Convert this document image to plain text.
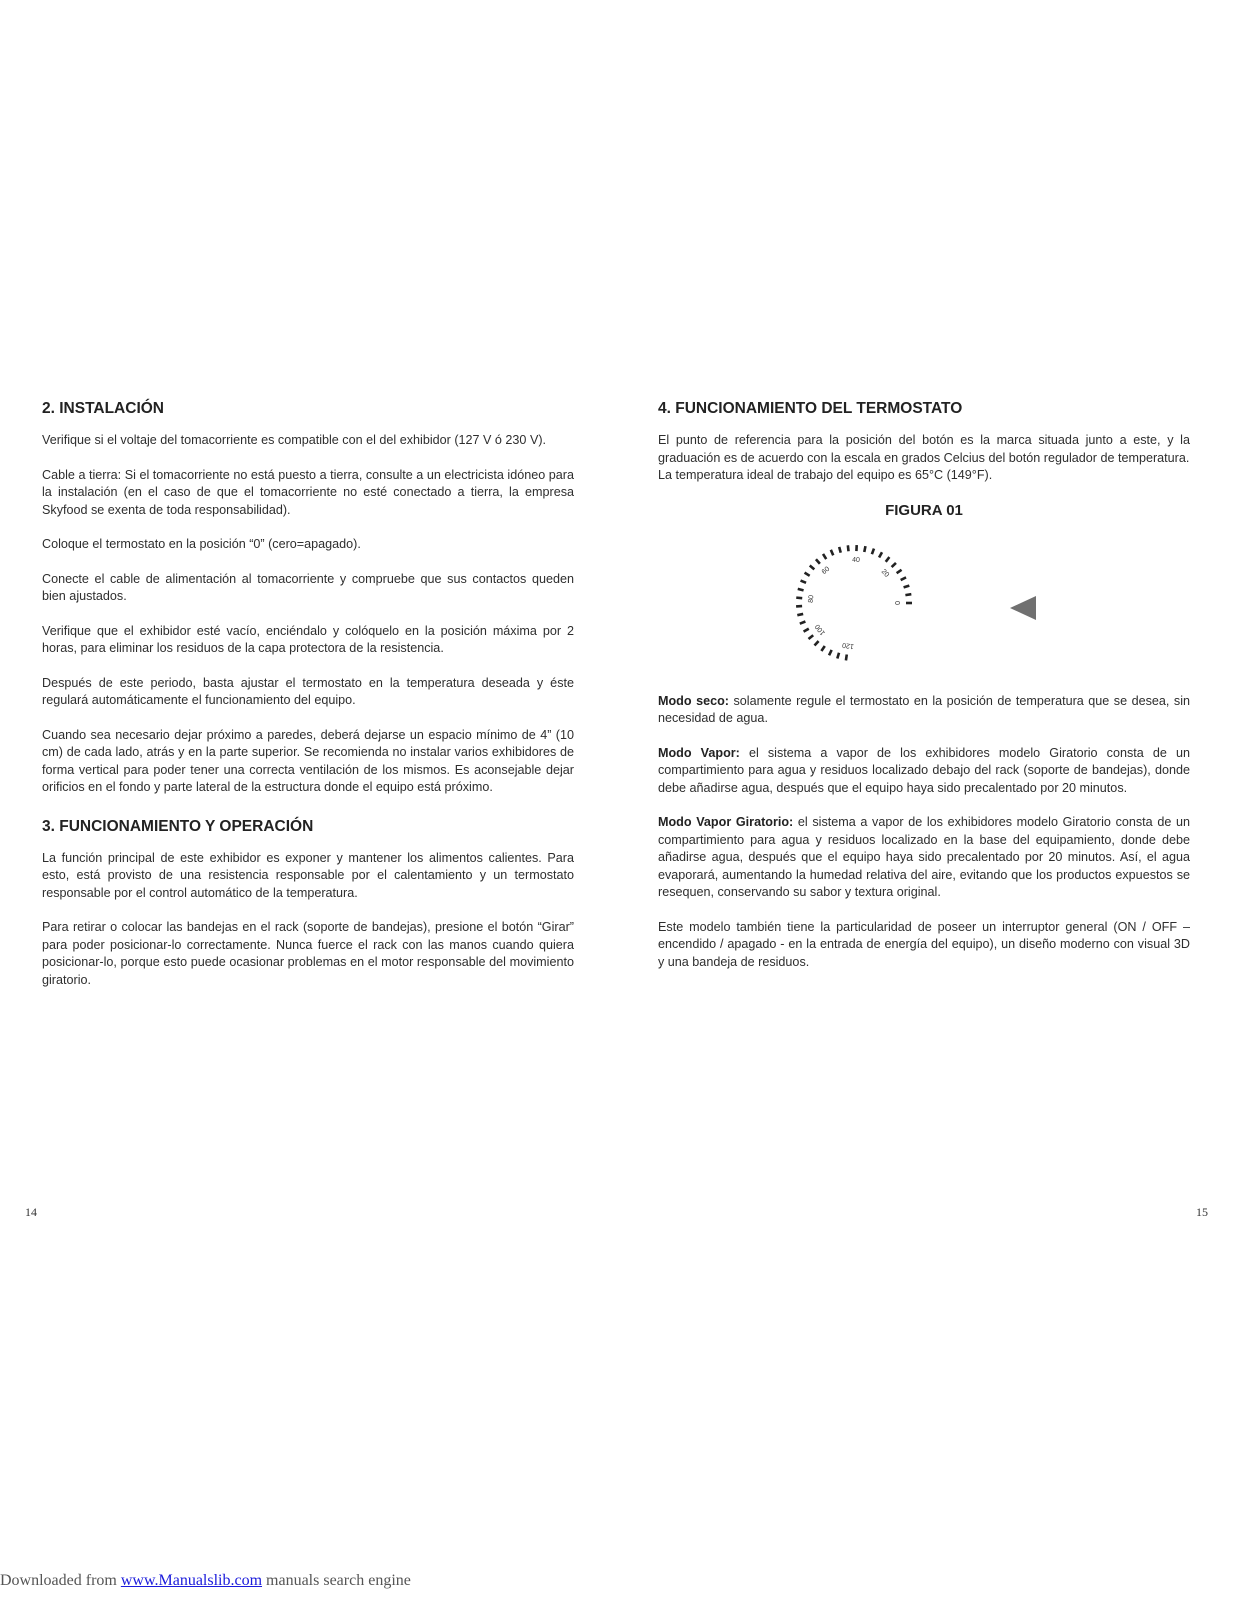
2. INSTALACIÓN

Verifique si el voltaje del tomacorriente es compatible con el del exhibidor (127 V ó 230 V).

Cable a tierra: Si el tomacorriente no está puesto a tierra, consulte a un electricista idóneo para la instalación (en el caso de que el tomacorriente no esté conectado a tierra, la empresa Skyfood se exenta de toda responsabilidad).

Coloque el termostato en la posición “0” (cero=apagado).

Conecte el cable de alimentación al tomacorriente y compruebe que sus contactos queden bien ajustados.

Verifique que el exhibidor esté vacío, enciéndalo y colóquelo en la posición máxima por 2 horas, para eliminar los residuos de la capa protectora de la resistencia.

Después de este periodo, basta ajustar el termostato en la temperatura deseada y éste regulará automáticamente el funcionamiento del equipo.

Cuando sea necesario dejar próximo a paredes, deberá dejarse un espacio mínimo de 4” (10 cm) de cada lado, atrás y en la parte superior. Se recomienda no instalar varios exhibidores de forma vertical para poder tener una correcta ventilación de los mismos. Es aconsejable dejar orificios en el fondo y parte lateral de la estructura donde el equipo está próximo.

3. FUNCIONAMIENTO Y OPERACIÓN

La función principal de este exhibidor es exponer y mantener los alimentos calientes. Para esto, está provisto de una resistencia responsable por el calentamiento y un termostato responsable por el control automático de la temperatura.

Para retirar o colocar las bandejas en el rack (soporte de bandejas), presione el botón “Girar” para poder posicionar-lo correctamente. Nunca fuerce el rack con las manos cuando quiera posicionar-lo, porque esto puede ocasionar problemas en el motor responsable del movimiento giratorio.

4. FUNCIONAMIENTO DEL TERMOSTATO

El punto de referencia para la posición del botón es la marca situada junto a este, y la graduación es de acuerdo con la escala en grados Celcius del botón regulador de temperatura.

La temperatura ideal de trabajo del equipo es 65°C (149°F).

FIGURA 01
0
20
40
60
80
100
120

Modo seco: solamente regule el termostato en la posición de temperatura que se desea, sin necesidad de agua.

Modo Vapor: el sistema a vapor de los exhibidores modelo Giratorio consta de un compartimiento para agua y residuos localizado debajo del rack (soporte de bandejas), donde debe añadirse agua, después que el equipo haya sido precalentado por 20 minutos.

Modo Vapor Giratorio: el sistema a vapor de los exhibidores modelo Giratorio consta de un compartimiento para agua y residuos localizado en la base del equipamiento, donde debe añadirse agua, después que el equipo haya sido precalentado por 20 minutos. Así, el agua evaporará, aumentando la humedad relativa del aire, evitando que los productos expuestos se resequen, conservando su sabor y textura original.

Este modelo también tiene la particularidad de poseer un interruptor general (ON / OFF – encendido / apagado - en la entrada de energía del equipo), un diseño moderno con visual 3D y una bandeja de residuos.

14	15
Downloaded from www.Manualslib.com manuals search engine
